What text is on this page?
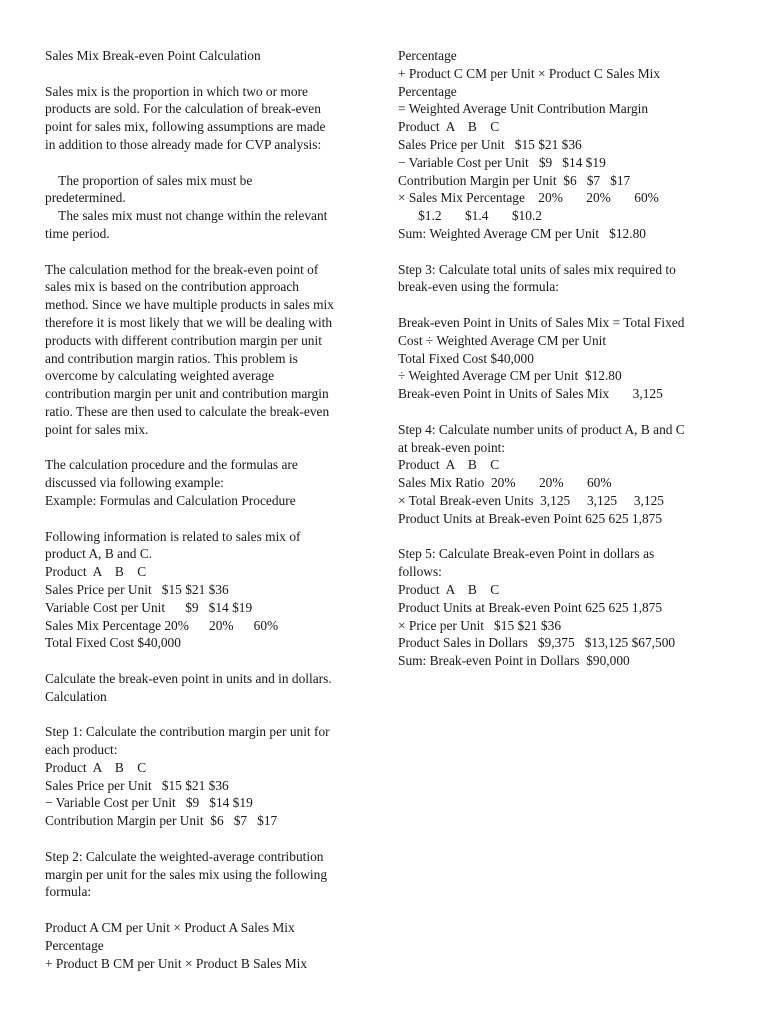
Sales Mix Break-even Point Calculation
Sales mix is the proportion in which two or more
products are sold. For the calculation of break-even
point for sales mix, following assumptions are made
in addition to those already made for CVP analysis:
The proportion of sales mix must be
predetermined.
The sales mix must not change within the relevant
time period.
The calculation method for the break-even point of
sales mix is based on the contribution approach
method. Since we have multiple products in sales mix
therefore it is most likely that we will be dealing with
products with different contribution margin per unit
and contribution margin ratios. This problem is
overcome by calculating weighted average
contribution margin per unit and contribution margin
ratio. These are then used to calculate the break-even
point for sales mix.
The calculation procedure and the formulas are
discussed via following example:
Example: Formulas and Calculation Procedure
Following information is related to sales mix of
product A, B and C.
Product  A    B    C
Sales Price per Unit   $15 $21 $36
Variable Cost per Unit      $9   $14 $19
Sales Mix Percentage 20%      20%      60%
Total Fixed Cost $40,000
Calculate the break-even point in units and in dollars.
Calculation
Step 1: Calculate the contribution margin per unit for
each product:
Product  A    B    C
Sales Price per Unit   $15 $21 $36
− Variable Cost per Unit   $9   $14 $19
Contribution Margin per Unit  $6   $7   $17
Step 2: Calculate the weighted-average contribution
margin per unit for the sales mix using the following
formula:
Product A CM per Unit × Product A Sales Mix
Percentage
+ Product B CM per Unit × Product B Sales Mix
Percentage
+ Product C CM per Unit × Product C Sales Mix
Percentage
= Weighted Average Unit Contribution Margin
Product  A    B    C
Sales Price per Unit   $15 $21 $36
− Variable Cost per Unit   $9   $14 $19
Contribution Margin per Unit  $6   $7   $17
× Sales Mix Percentage    20%       20%       60%
$1.2       $1.4       $10.2
Sum: Weighted Average CM per Unit   $12.80
Step 3: Calculate total units of sales mix required to
break-even using the formula:
Break-even Point in Units of Sales Mix = Total Fixed
Cost ÷ Weighted Average CM per Unit
Total Fixed Cost $40,000
÷ Weighted Average CM per Unit  $12.80
Break-even Point in Units of Sales Mix       3,125
Step 4: Calculate number units of product A, B and C
at break-even point:
Product  A    B    C
Sales Mix Ratio  20%       20%       60%
× Total Break-even Units  3,125     3,125     3,125
Product Units at Break-even Point 625 625 1,875
Step 5: Calculate Break-even Point in dollars as
follows:
Product  A    B    C
Product Units at Break-even Point 625 625 1,875
× Price per Unit   $15 $21 $36
Product Sales in Dollars   $9,375   $13,125 $67,500
Sum: Break-even Point in Dollars  $90,000
